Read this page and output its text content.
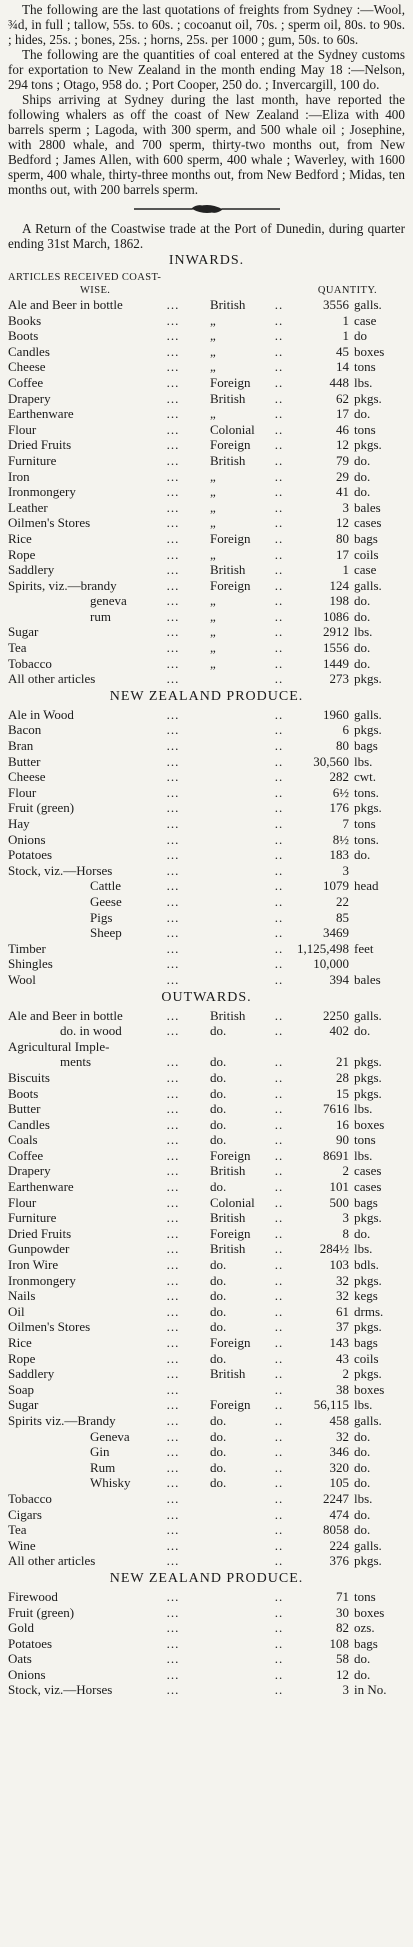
The following are the last quotations of freights from Sydney :—Wool, ¾d, in full ; tallow, 55s. to 60s. ; cocoanut oil, 70s. ; sperm oil, 80s. to 90s. ; hides, 25s. ; bones, 25s. ; horns, 25s. per 1000 ; gum, 50s. to 60s.

The following are the quantities of coal entered at the Sydney customs for exportation to New Zealand in the month ending May 18 :—Nelson, 294 tons ; Otago, 958 do. ; Port Cooper, 250 do. ; Invercargill, 100 do.

Ships arriving at Sydney during the last month, have reported the following whalers as off the coast of New Zealand :—Eliza with 400 barrels sperm ; Lagoda, with 300 sperm, and 500 whale oil ; Josephine, with 2800 whale, and 700 sperm, thirty-two months out, from New Bedford ; James Allen, with 600 sperm, 400 whale ; Waverley, with 1600 sperm, 400 whale, thirty-three months out, from New Bedford ; Midas, ten months out, with 200 barrels sperm.

A Return of the Coastwise trade at the Port of Dunedin, during quarter ending 31st March, 1862.

INWARDS.
ARTICLES RECEIVED COAST-
WISE.	QUANTITY.
Ale and Beer in bottle	...	British	..	3556 galls.
Books	...	„	..	1 case
Boots	...	„	..	1 do
Candles	...	„	..	45 boxes
Cheese	...	„	..	14 tons
Coffee	...	Foreign	..	448 lbs.
Drapery	...	British	..	62 pkgs.
Earthenware	...	„	..	17 do.
Flour	...	Colonial	..	46 tons
Dried Fruits	...	Foreign	..	12 pkgs.
Furniture	...	British	..	79 do.
Iron	...	„	..	29 do.
Ironmongery	...	„	..	41 do.
Leather	...	„	..	3 bales
Oilmen's Stores	...	„	..	12 cases
Rice	...	Foreign	..	80 bags
Rope	...	„	..	17 coils
Saddlery	...	British	..	1 case
Spirits, viz.—brandy	...	Foreign	..	124 galls.
geneva	...	„	..	198 do.
rum	...	„	..	1086 do.
Sugar	...	„	..	2912 lbs.
Tea	...	„	..	1556 do.
Tobacco	...	„	..	1449 do.
All other articles	...	..	273 pkgs.
NEW ZEALAND PRODUCE.
Ale in Wood	...	..	1960 galls.
Bacon	...	..	6 pkgs.
Bran	...	..	80 bags
Butter	...	..	30,560 lbs.
Cheese	...	..	282 cwt.
Flour	...	..	6½ tons.
Fruit (green)	...	..	176 pkgs.
Hay	...	..	7 tons
Onions	...	..	8½ tons.
Potatoes	...	..	183 do.
Stock, viz.—Horses	...	..	3
Cattle	...	..	1079 head
Geese	...	..	22
Pigs	...	..	85
Sheep	...	..	3469
Timber	...	..	1,125,498 feet
Shingles	...	..	10,000
Wool	...	..	394 bales
OUTWARDS.
Ale and Beer in bottle	...	British	..	2250 galls.
do. in wood	...	do.	..	402 do.
Agricultural Imple-
ments	...	do.	..	21 pkgs.
Biscuits	...	do.	..	28 pkgs.
Boots	...	do.	..	15 pkgs.
Butter	...	do.	..	7616 lbs.
Candles	...	do.	..	16 boxes
Coals	...	do.	..	90 tons
Coffee	...	Foreign	..	8691 lbs.
Drapery	...	British	..	2 cases
Earthenware	...	do.	..	101 cases
Flour	...	Colonial	..	500 bags
Furniture	...	British	..	3 pkgs.
Dried Fruits	...	Foreign	..	8 do.
Gunpowder	...	British	..	284½ lbs.
Iron Wire	...	do.	..	103 bdls.
Ironmongery	...	do.	..	32 pkgs.
Nails	...	do.	..	32 kegs
Oil	...	do.	..	61 drms.
Oilmen's Stores	...	do.	..	37 pkgs.
Rice	...	Foreign	..	143 bags
Rope	...	do.	..	43 coils
Saddlery	...	British	..	2 pkgs.
Soap	...	..	38 boxes
Sugar	...	Foreign	..	56,115 lbs.
Spirits viz.—Brandy	...	do.	..	458 galls.
Geneva	...	do.	..	32 do.
Gin	...	do.	..	346 do.
Rum	...	do.	..	320 do.
Whisky	...	do.	..	105 do.
Tobacco	...	..	2247 lbs.
Cigars	...	..	474 do.
Tea	...	..	8058 do.
Wine	...	..	224 galls.
All other articles	...	..	376 pkgs.
NEW ZEALAND PRODUCE.
Firewood	...	..	71 tons
Fruit (green)	...	..	30 boxes
Gold	...	..	82 ozs.
Potatoes	...	..	108 bags
Oats	...	..	58 do.
Onions	...	..	12 do.
Stock, viz.—Horses	...	..	3 in No.
